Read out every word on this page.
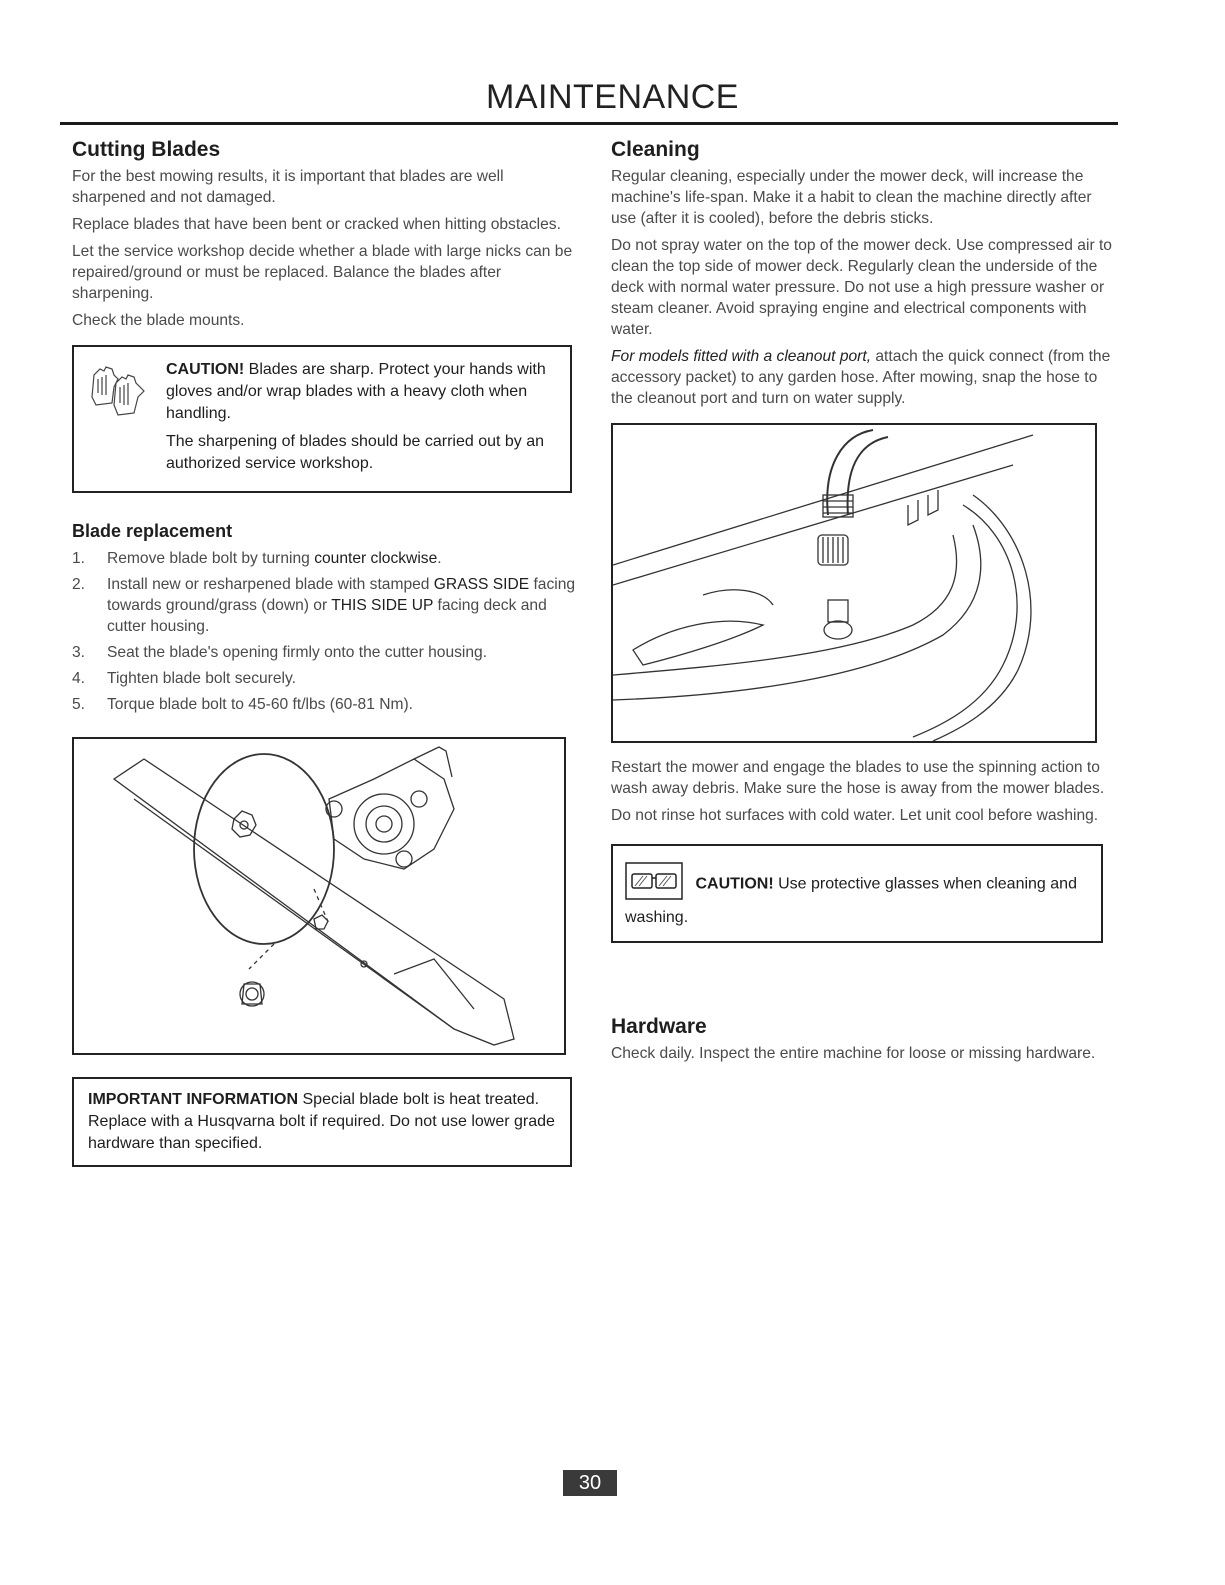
MAINTENANCE
Cutting Blades

For the best mowing results, it is important that blades are well sharpened and not damaged.

Replace blades that have been bent or cracked when hitting obstacles.

Let the service workshop decide whether a blade with large nicks can be repaired/ground or must be replaced. Balance the blades after sharpening.

Check the blade mounts.

CAUTION! Blades are sharp. Protect your hands with gloves and/or wrap blades with a heavy cloth when handling.

The sharpening of blades should be carried out by an authorized service workshop.

Blade replacement
1.	Remove blade bolt by turning counter clockwise.
2.	Install new or resharpened blade with stamped GRASS SIDE facing towards ground/grass (down) or THIS SIDE UP facing deck and cutter housing.
3.	Seat the blade's opening firmly onto the cutter housing.
4.	Tighten blade bolt securely.
5.	Torque blade bolt to 45-60 ft/lbs (60-81 Nm).
IMPORTANT INFORMATION Special blade bolt is heat treated. Replace with a Husqvarna bolt if required. Do not use lower grade hardware than specified.
Cleaning

Regular cleaning, especially under the mower deck, will increase the machine's life-span. Make it a habit to clean the machine directly after use (after it is cooled), before the debris sticks.

Do not spray water on the top of the mower deck. Use compressed air to clean the top side of mower deck. Regularly clean the underside of the deck with normal water pressure. Do not use a high pressure washer or steam cleaner. Avoid spraying engine and electrical components with water.

For models fitted with a cleanout port, attach the quick connect (from the accessory packet) to any garden hose. After mowing, snap the hose to the cleanout port and turn on water supply.

Restart the mower and engage the blades to use the spinning action to wash away debris. Make sure the hose is away from the mower blades.

Do not rinse hot surfaces with cold water. Let unit cool before washing.

CAUTION! Use protective glasses when cleaning and washing.
Hardware

Check daily. Inspect the entire machine for loose or missing hardware.

30
